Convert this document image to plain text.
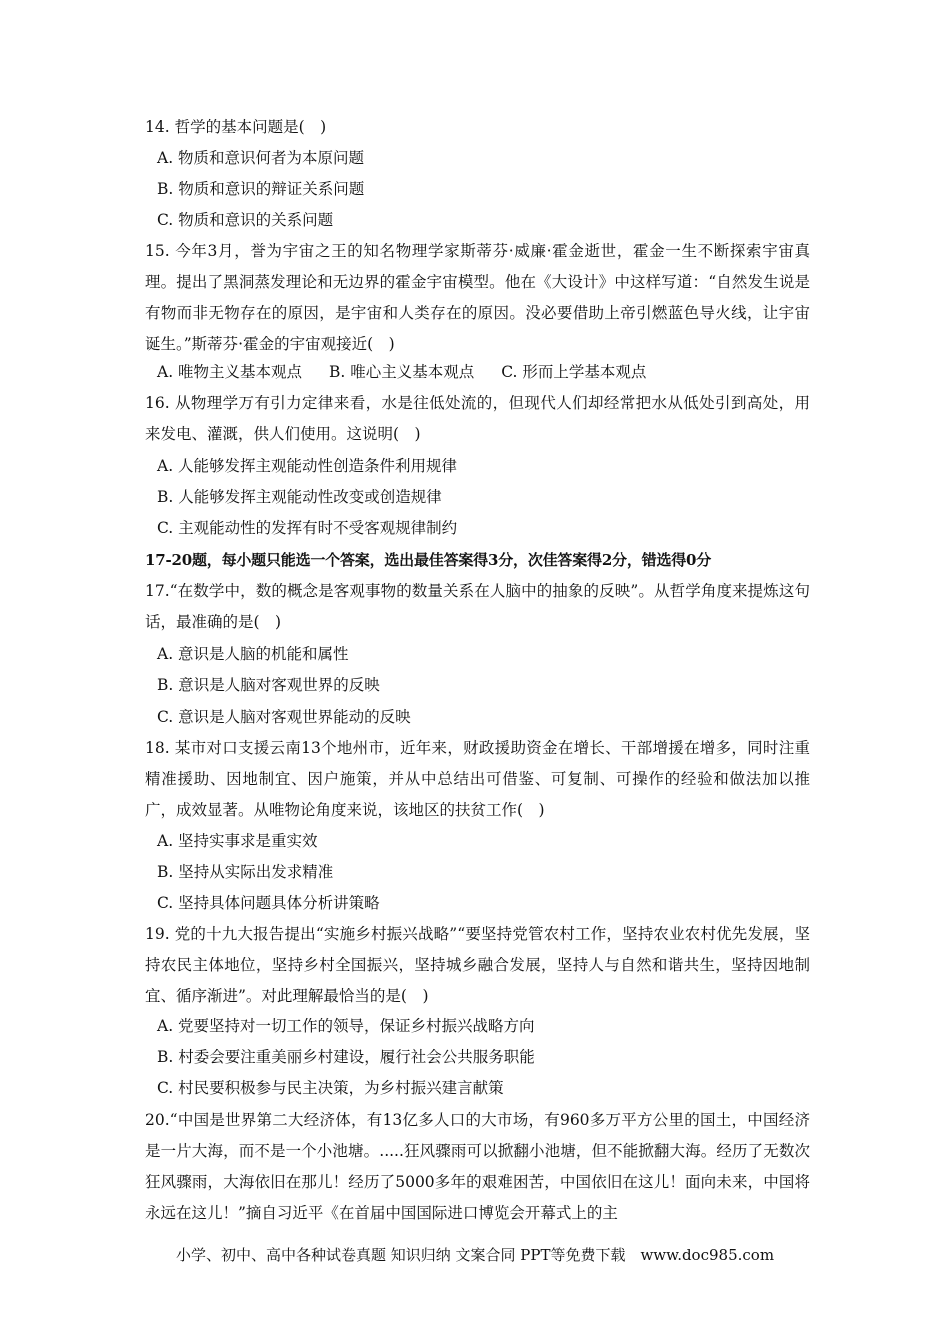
14. 哲学的基本问题是(　)
A. 物质和意识何者为本原问题
B. 物质和意识的辩证关系问题
C. 物质和意识的关系问题
15. 今年3月，誉为宇宙之王的知名物理学家斯蒂芬·威廉·霍金逝世，霍金一生不断探索宇宙真理。提出了黑洞蒸发理论和无边界的霍金宇宙模型。他在《大设计》中这样写道：“自然发生说是有物而非无物存在的原因，是宇宙和人类存在的原因。没必要借助上帝引燃蓝色导火线，让宇宙诞生。”斯蒂芬·霍金的宇宙观接近(　)
A. 唯物主义基本观点 B. 唯心主义基本观点 C. 形而上学基本观点
16. 从物理学万有引力定律来看，水是往低处流的，但现代人们却经常把水从低处引到高处，用来发电、灌溉，供人们使用。这说明(　)
A. 人能够发挥主观能动性创造条件利用规律
B. 人能够发挥主观能动性改变或创造规律
C. 主观能动性的发挥有时不受客观规律制约
17-20题，每小题只能选一个答案，选出最佳答案得3分，次佳答案得2分，错选得0分
17.“在数学中，数的概念是客观事物的数量关系在人脑中的抽象的反映”。从哲学角度来提炼这句话，最准确的是(　)
A. 意识是人脑的机能和属性
B. 意识是人脑对客观世界的反映
C. 意识是人脑对客观世界能动的反映
18. 某市对口支援云南13个地州市，近年来，财政援助资金在增长、干部增援在增多，同时注重精准援助、因地制宜、因户施策，并从中总结出可借鉴、可复制、可操作的经验和做法加以推广，成效显著。从唯物论角度来说，该地区的扶贫工作(　)
A. 坚持实事求是重实效
B. 坚持从实际出发求精准
C. 坚持具体问题具体分析讲策略
19. 党的十九大报告提出“实施乡村振兴战略”“要坚持党管农村工作，坚持农业农村优先发展，坚持农民主体地位，坚持乡村全国振兴，坚持城乡融合发展，坚持人与自然和谐共生，坚持因地制宜、循序渐进”。对此理解最恰当的是(　)
A. 党要坚持对一切工作的领导，保证乡村振兴战略方向
B. 村委会要注重美丽乡村建设，履行社会公共服务职能
C. 村民要积极参与民主决策，为乡村振兴建言献策
20.“中国是世界第二大经济体，有13亿多人口的大市场，有960多万平方公里的国土，中国经济是一片大海，而不是一个小池塘。.....狂风骤雨可以掀翻小池塘，但不能掀翻大海。经历了无数次狂风骤雨，大海依旧在那儿！经历了5000多年的艰难困苦，中国依旧在这儿！面向未来，中国将永远在这儿！”摘自习近平《在首届中国国际进口博览会开幕式上的主
小学、初中、高中各种试卷真题 知识归纳 文案合同 PPT等免费下载　www.doc985.com
